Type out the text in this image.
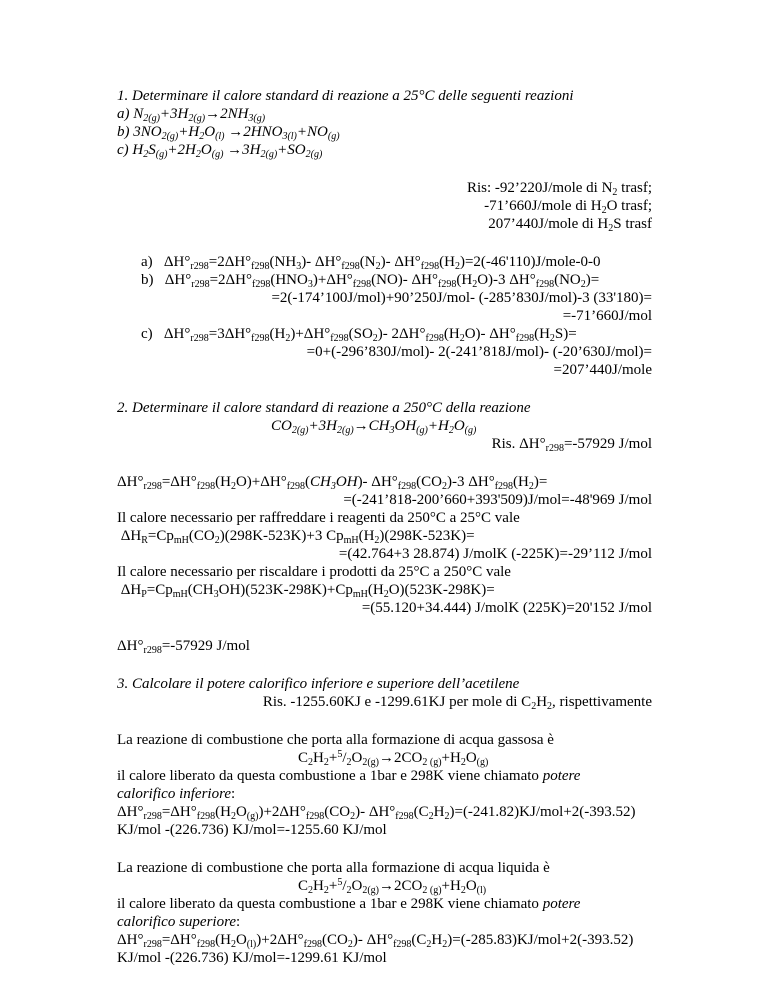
1. Determinare il calore standard di reazione a 25°C delle seguenti reazioni
a) $N_{2(g)}+3H_{2(g)}\to 2NH_{3(g)}$
b) $3NO_{2(g)}+H_2O_{(l)} \to 2HNO_{3(l)}+NO_{(g)}$
c) $H_2S_{(g)}+2H_2O_{(g)} \to 3H_{2(g)}+SO_{2(g)}$
Ris: -92’220J/mole di $N_2$ trasf;
-71’660J/mole di $H_2O$ trasf;
207’440J/mole di $H_2S$ trasf
a)   $\Delta H^\circ_{r298}=2\Delta H^\circ_{f298}(NH_3)-$ $\Delta H^\circ_{f298}(N_2)-$ $\Delta H^\circ_{f298}(H_2)=2(-46'110)J/mole-0-0$
b)   $\Delta H^\circ_{r298}=2\Delta H^\circ_{f298}(HNO_3)+\Delta H^\circ_{f298}(NO)-$ $\Delta H^\circ_{f298}(H_2O)-3$ $\Delta H^\circ_{f298}(NO_2)=$
=2(-174’100J/mol)+90’250J/mol- (-285’830J/mol)-3 (33'180)=
=-71’660J/mol
c)   $\Delta H^\circ_{r298}=3\Delta H^\circ_{f298}(H_2)+\Delta H^\circ_{f298}(SO_2)-$ $2\Delta H^\circ_{f298}(H_2O)-$ $\Delta H^\circ_{f298}(H_2S)=$
=0+(-296’830J/mol)- 2(-241’818J/mol)- (-20’630J/mol)=
=207’440J/mole
2. Determinare il calore standard di reazione a 250°C della reazione
$CO_{2(g)}+3H_{2(g)}\to CH_3OH_{(g)}+H_2O_{(g)}$
Ris. $\Delta H^\circ_{r298}=-57929$ J/mol
$\Delta H^\circ_{r298}=\Delta H^\circ_{f298}(H_2O)+\Delta H^\circ_{f298}(CH_3OH)-$ $\Delta H^\circ_{f298}(CO_2)-3$ $\Delta H^\circ_{f298}(H_2)=$
=(-241’818-200’660+393'509)J/mol=-48'969 J/mol
Il calore necessario per raffreddare i reagenti da 250°C a 25°C vale
$\Delta H_R=Cp_{mH}(CO_2)(298K-523K)+3$ $Cp_{mH}(H_2)(298K-523K)=$
=(42.764+3 28.874) J/molK (-225K)=-29’112 J/mol
Il calore necessario per riscaldare i prodotti da 25°C a 250°C vale
$\Delta H_P=Cp_{mH}(CH_3OH)(523K-298K)+Cp_{mH}(H_2O)(523K-298K)=$
=(55.120+34.444) J/molK (225K)=20'152 J/mol
$\Delta H^\circ_{r298}=-57929$ J/mol
3. Calcolare il potere calorifico inferiore e superiore dell’acetilene
Ris. -1255.60KJ e -1299.61KJ per mole di $C_2H_2$, rispettivamente
La reazione di combustione che porta alla formazione di acqua gassosa è
$C_2H_2+^5/_2O_{2(g)}\to 2CO_{2 (g)}+H_2O_{(g)}$
il calore liberato da questa combustione a 1bar e 298K viene chiamato potere
calorifico inferiore:
$\Delta H^\circ_{r298}=\Delta H^\circ_{f298}(H_2O_{(g)})+2\Delta H^\circ_{f298}(CO_2)-$ $\Delta H^\circ_{f298}(C_2H_2)=(-241.82)KJ/mol+2(-393.52)$
KJ/mol -(226.736) KJ/mol=-1255.60 KJ/mol
La reazione di combustione che porta alla formazione di acqua liquida è
$C_2H_2+^5/_2O_{2(g)}\to 2CO_{2 (g)}+H_2O_{(l)}$
il calore liberato da questa combustione a 1bar e 298K viene chiamato potere
calorifico superiore:
$\Delta H^\circ_{r298}=\Delta H^\circ_{f298}(H_2O_{(l)})+2\Delta H^\circ_{f298}(CO_2)-$ $\Delta H^\circ_{f298}(C_2H_2)=(-285.83)KJ/mol+2(-393.52)$
KJ/mol -(226.736) KJ/mol=-1299.61 KJ/mol
